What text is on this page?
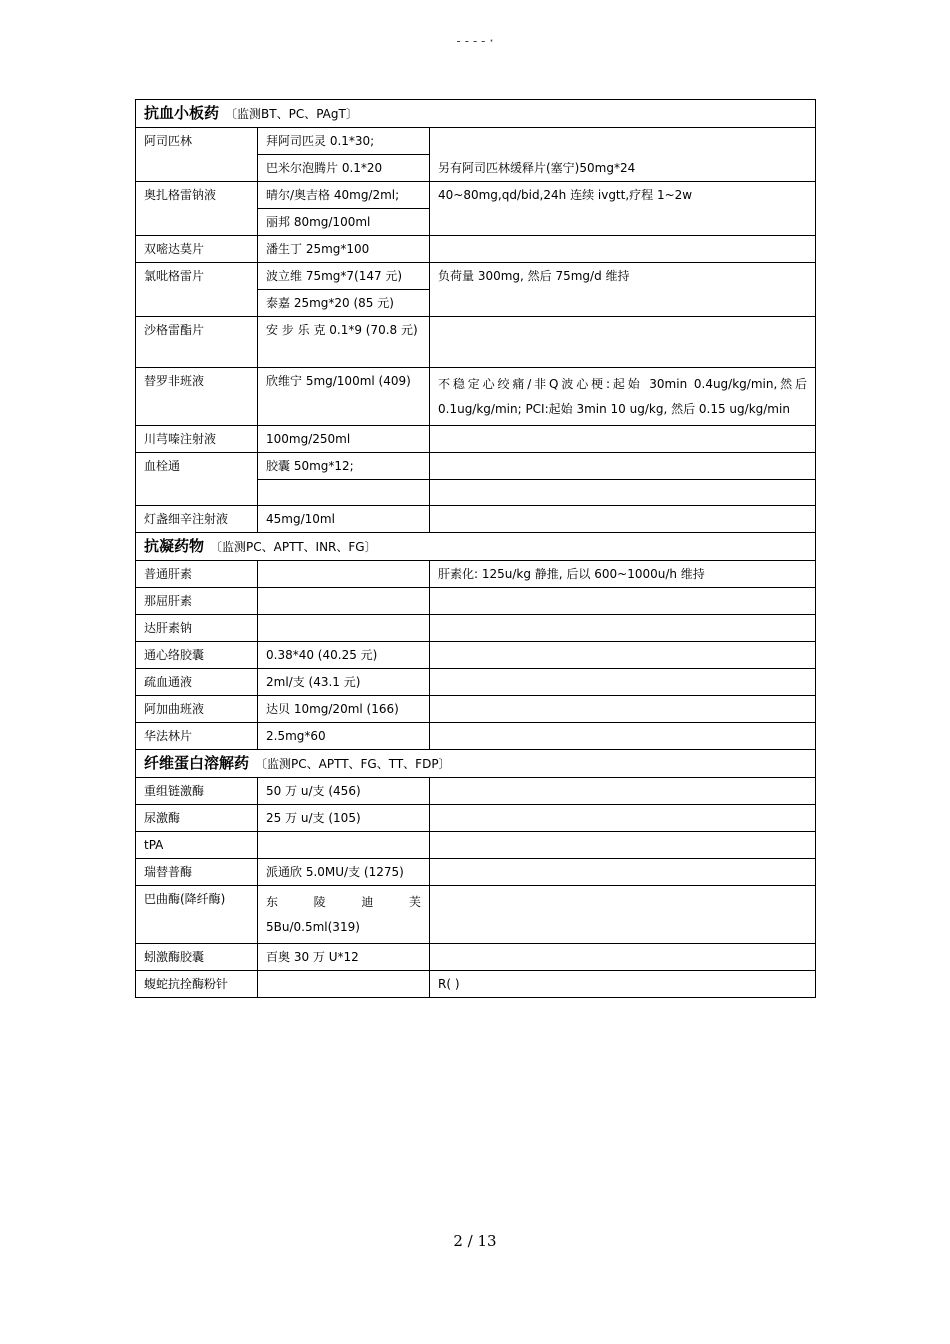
----·
抗血小板药 〔监测BT、PC、PAgT〕		
阿司匹林	拜阿司匹灵 0.1*30;	另有阿司匹林缓释片(塞宁)50mg*24
	巴米尔泡腾片 0.1*20	
奥扎格雷钠液	晴尔/奥吉格 40mg/2ml;	40~80mg,qd/bid,24h 连续 ivgtt,疗程 1~2w
	丽邦 80mg/100ml	
双嘧达莫片	潘生丁 25mg*100	
氯吡格雷片	波立维 75mg*7(147 元)	负荷量 300mg, 然后 75mg/d 维持
	泰嘉 25mg*20 (85 元)	
沙格雷酯片	安 步 乐 克 0.1*9 (70.8 元)	
替罗非班液	欣维宁 5mg/100ml (409)	不稳定心绞痛/非Q波心梗:起始 30min 0.4ug/kg/min,然后 0.1ug/kg/min; PCI:起始 3min 10 ug/kg, 然后 0.15 ug/kg/min
川芎嗪注射液	100mg/250ml	
血栓通	胶囊 50mg*12;	

灯盏细辛注射液	45mg/10ml	
抗凝药物 〔监测PC、APTT、INR、FG〕		
普通肝素		肝素化: 125u/kg 静推, 后以 600~1000u/h 维持
那屈肝素		
达肝素钠		
通心络胶囊	0.38*40 (40.25 元)	
疏血通液	2ml/支 (43.1 元)	
阿加曲班液	达贝 10mg/20ml (166)	
华法林片	2.5mg*60	
纤维蛋白溶解药 〔监测PC、APTT、FG、TT、FDP〕		
重组链激酶	50 万 u/支 (456)	
尿激酶	25 万 u/支 (105)	
tPA		
瑞替普酶	派通欣 5.0MU/支 (1275)	
巴曲酶(降纤酶)	东 陵 迪 芙
5Bu/0.5ml(319)	

蚓激酶胶囊	百奥 30 万 U*12	
蝮蛇抗拴酶粉针		R( )
2 / 13
